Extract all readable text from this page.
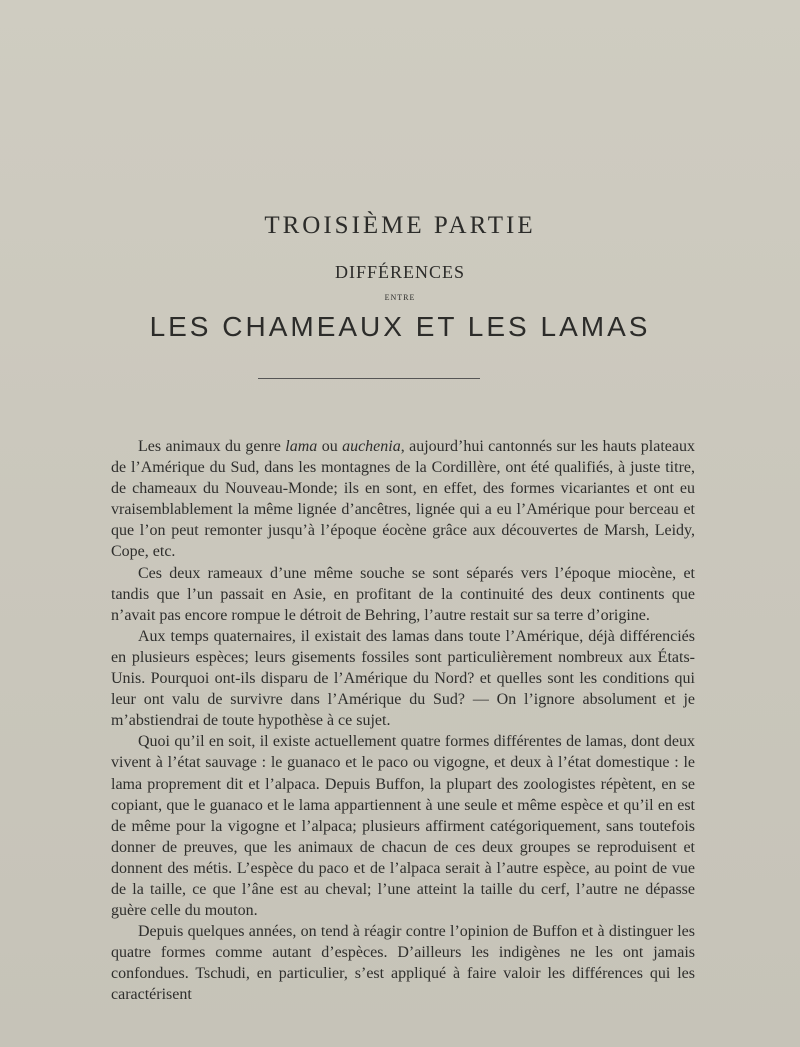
TROISIÈME PARTIE
DIFFÉRENCES
ENTRE
LES CHAMEAUX ET LES LAMAS

Les animaux du genre lama ou auchenia, aujourd’hui cantonnés sur les hauts plateaux de l’Amérique du Sud, dans les montagnes de la Cordillère, ont été qualifiés, à juste titre, de chameaux du Nouveau-Monde; ils en sont, en effet, des formes vicariantes et ont eu vraisemblablement la même lignée d’ancêtres, lignée qui a eu l’Amérique pour berceau et que l’on peut remonter jusqu’à l’époque éocène grâce aux découvertes de Marsh, Leidy, Cope, etc.

Ces deux rameaux d’une même souche se sont séparés vers l’époque miocène, et tandis que l’un passait en Asie, en profitant de la continuité des deux continents que n’avait pas encore rompue le détroit de Behring, l’autre restait sur sa terre d’origine.

Aux temps quaternaires, il existait des lamas dans toute l’Amérique, déjà différenciés en plusieurs espèces; leurs gisements fossiles sont particulièrement nombreux aux États-Unis. Pourquoi ont-ils disparu de l’Amérique du Nord? et quelles sont les conditions qui leur ont valu de survivre dans l’Amérique du Sud? — On l’ignore absolument et je m’abstiendrai de toute hypothèse à ce sujet.

Quoi qu’il en soit, il existe actuellement quatre formes différentes de lamas, dont deux vivent à l’état sauvage : le guanaco et le paco ou vigogne, et deux à l’état domestique : le lama proprement dit et l’alpaca. Depuis Buffon, la plupart des zoologistes répètent, en se copiant, que le guanaco et le lama appartiennent à une seule et même espèce et qu’il en est de même pour la vigogne et l’alpaca; plusieurs affirment catégoriquement, sans toutefois donner de preuves, que les animaux de chacun de ces deux groupes se reproduisent et donnent des métis. L’espèce du paco et de l’alpaca serait à l’autre espèce, au point de vue de la taille, ce que l’âne est au cheval; l’une atteint la taille du cerf, l’autre ne dépasse guère celle du mouton.

Depuis quelques années, on tend à réagir contre l’opinion de Buffon et à distinguer les quatre formes comme autant d’espèces. D’ailleurs les indigènes ne les ont jamais confondues. Tschudi, en particulier, s’est appliqué à faire valoir les différences qui les caractérisent
